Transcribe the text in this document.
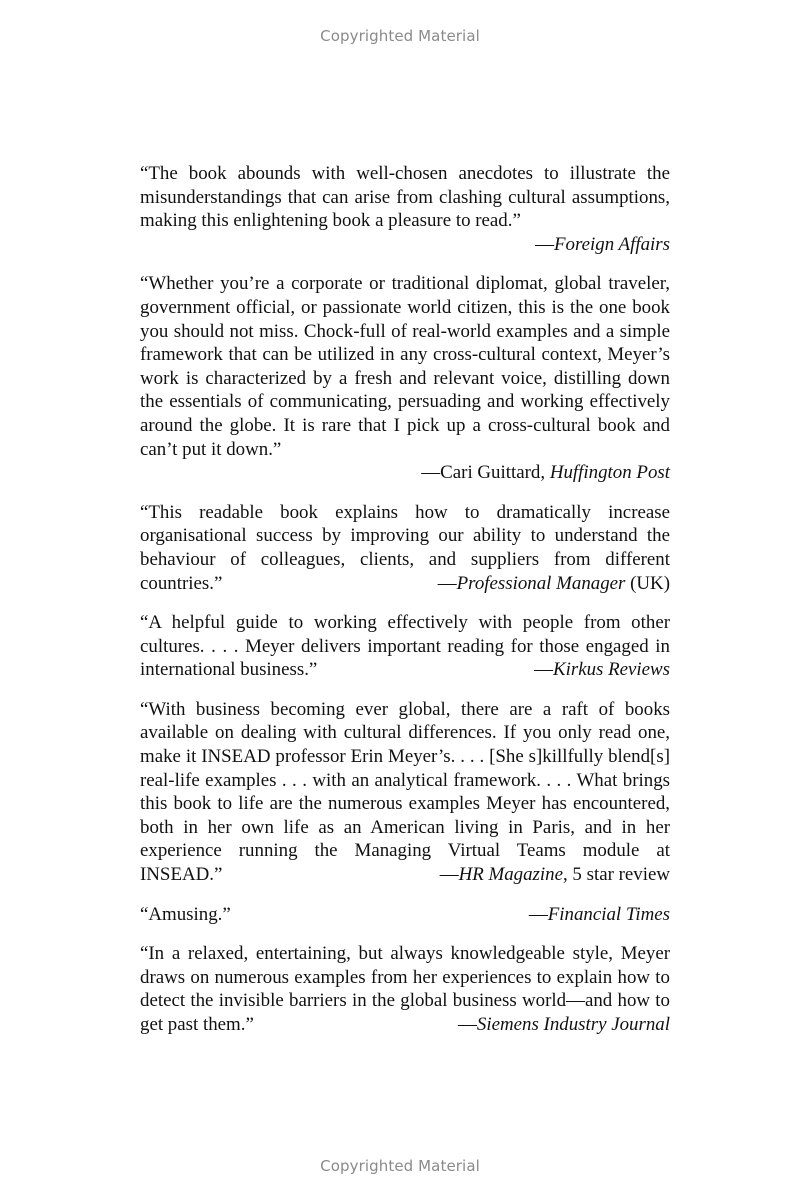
Copyrighted Material
“The book abounds with well-chosen anecdotes to illustrate the misunderstandings that can arise from clashing cultural assumptions, making this enlightening book a pleasure to read.”
—Foreign Affairs
“Whether you’re a corporate or traditional diplomat, global traveler, government official, or passionate world citizen, this is the one book you should not miss. Chock-full of real-world examples and a simple framework that can be utilized in any cross-cultural context, Meyer’s work is characterized by a fresh and relevant voice, distilling down the essentials of communicating, persuading and working effectively around the globe. It is rare that I pick up a cross-cultural book and can’t put it down.”
—Cari Guittard, Huffington Post
“This readable book explains how to dramatically increase organisational success by improving our ability to understand the behaviour of colleagues, clients, and suppliers from different countries.”	—Professional Manager (UK)
“A helpful guide to working effectively with people from other cultures. . . . Meyer delivers important reading for those engaged in international business.”	—Kirkus Reviews
“With business becoming ever global, there are a raft of books available on dealing with cultural differences. If you only read one, make it INSEAD professor Erin Meyer’s. . . . [She s]killfully blend[s] real-life examples . . . with an analytical framework. . . . What brings this book to life are the numerous examples Meyer has encountered, both in her own life as an American living in Paris, and in her experience running the Managing Virtual Teams module at INSEAD.”	—HR Magazine, 5 star review
“Amusing.”	—Financial Times
“In a relaxed, entertaining, but always knowledgeable style, Meyer draws on numerous examples from her experiences to explain how to detect the invisible barriers in the global business world—and how to get past them.”	—Siemens Industry Journal
Copyrighted Material
